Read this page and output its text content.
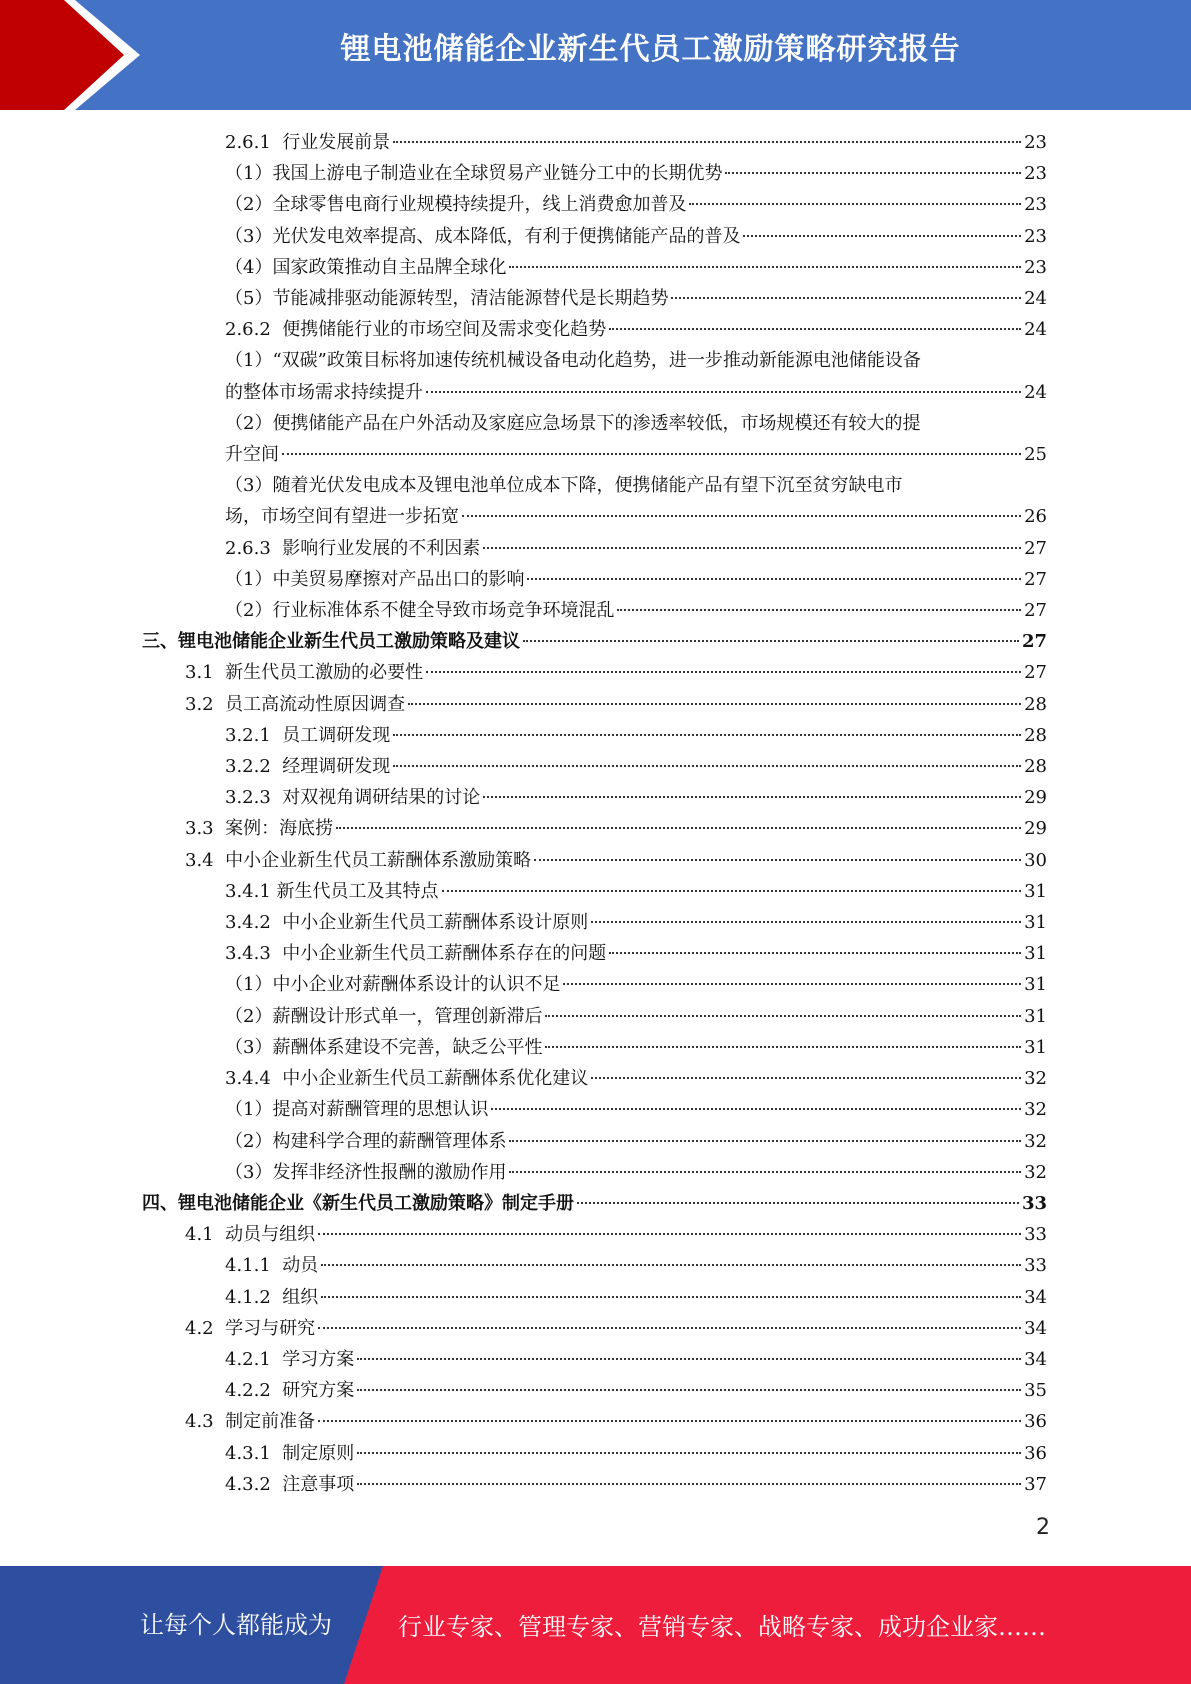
锂电池储能企业新生代员工激励策略研究报告
2.6.1 行业发展前景	23
（1） 我国上游电子制造业在全球贸易产业链分工中的长期优势	23
（2） 全球零售电商行业规模持续提升，线上消费愈加普及	23
（3） 光伏发电效率提高、成本降低，有利于便携储能产品的普及	23
（4） 国家政策推动自主品牌全球化	23
（5） 节能减排驱动能源转型，清洁能源替代是长期趋势	24
2.6.2 便携储能行业的市场空间及需求变化趋势	24
（1）“双碳”政策目标将加速传统机械设备电动化趋势，进一步推动新能源电池储能设备
的整体市场需求持续提升	24
（2）便携储能产品在户外活动及家庭应急场景下的渗透率较低，市场规模还有较大的提
升空间	25
（3）随着光伏发电成本及锂电池单位成本下降，便携储能产品有望下沉至贫穷缺电市
场，市场空间有望进一步拓宽	26
2.6.3 影响行业发展的不利因素	27
（1） 中美贸易摩擦对产品出口的影响	27
（2） 行业标准体系不健全导致市场竞争环境混乱	27
三、 锂电池储能企业新生代员工激励策略及建议	27
3.1 新生代员工激励的必要性	27
3.2 员工高流动性原因调查	28
3.2.1 员工调研发现	28
3.2.2 经理调研发现	28
3.2.3 对双视角调研结果的讨论	29
3.3 案例：海底捞	29
3.4 中小企业新生代员工薪酬体系激励策略	30
3.4.1 新生代员工及其特点	31
3.4.2 中小企业新生代员工薪酬体系设计原则	31
3.4.3 中小企业新生代员工薪酬体系存在的问题	31
（1） 中小企业对薪酬体系设计的认识不足	31
（2） 薪酬设计形式单一，管理创新滞后	31
（3） 薪酬体系建设不完善，缺乏公平性	31
3.4.4 中小企业新生代员工薪酬体系优化建议	32
（1） 提高对薪酬管理的思想认识	32
（2） 构建科学合理的薪酬管理体系	32
（3） 发挥非经济性报酬的激励作用	32
四、 锂电池储能企业《新生代员工激励策略》制定手册	33
4.1 动员与组织	33
4.1.1 动员	33
4.1.2 组织	34
4.2 学习与研究	34
4.2.1 学习方案	34
4.2.2 研究方案	35
4.3 制定前准备	36
4.3.1 制定原则	36
4.3.2 注意事项	37
2
让每个人都能成为	行业专家、管理专家、营销专家、战略专家、成功企业家……
